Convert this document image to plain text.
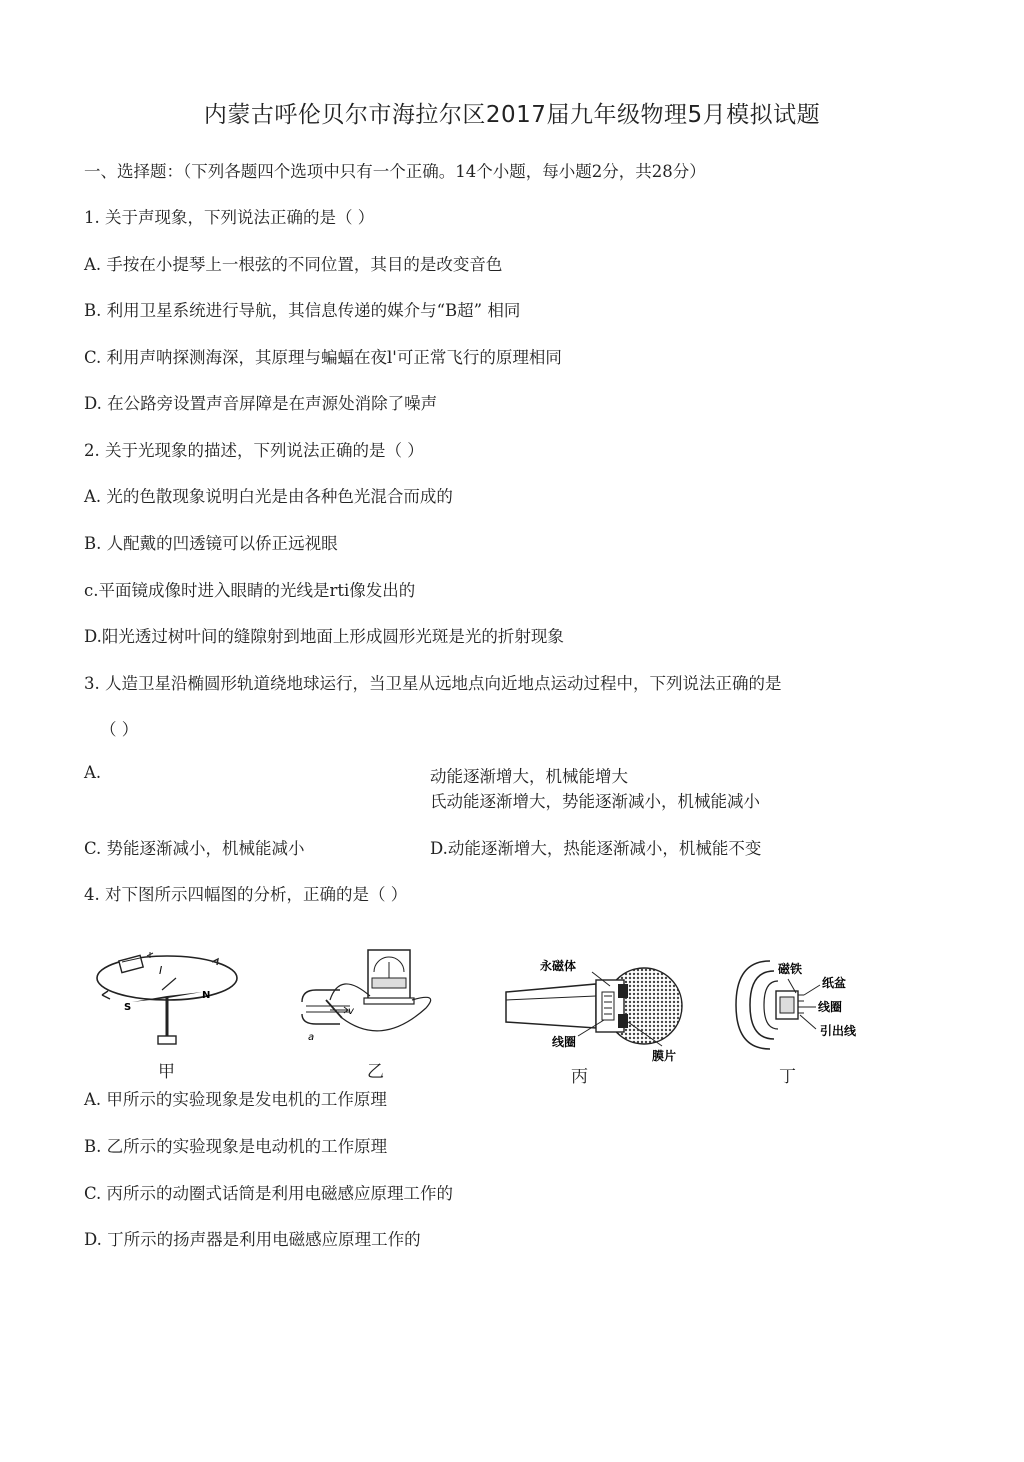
内蒙古呼伦贝尔市海拉尔区2017届九年级物理5月模拟试题
一、选择题：（下列各题四个选项中只有一个正确。14个小题，每小题2分，共28分）
1. 关于声现象，下列说法正确的是（ ）
A. 手按在小提琴上一根弦的不同位置，其目的是改变音色
B. 利用卫星系统进行导航，其信息传递的媒介与“B超” 相同
C. 利用声呐探测海深，其原理与蝙蝠在夜l'可正常飞行的原理相同
D. 在公路旁设置声音屏障是在声源处消除了噪声
2. 关于光现象的描述，下列说法正确的是（ ）
A. 光的色散现象说明白光是由各种色光混合而成的
B. 人配戴的凹透镜可以侨正远视眼
c.平面镜成像时进入眼睛的光线是rti像发出的
D.阳光透过树叶间的缝隙射到地面上形成圆形光斑是光的折射现象
3. 人造卫星沿椭圆形轨道绕地球运行，当卫星从远地点向近地点运动过程中，下列说法正确的是
（ ）
A.	动能逐渐增大，机械能增大
氏动能逐渐增大，势能逐渐减小，机械能减小
C. 势能逐渐减小，机械能减小	D.动能逐渐增大，热能逐渐减小，机械能不变
4. 对下图所示四幅图的分析，正确的是（ ）
S
N
I
甲
v
a
乙
永磁体
线圈
膜片
丙
磁铁
纸盆
线圈
引出线
丁
A. 甲所示的实验现象是发电机的工作原理
B. 乙所示的实验现象是电动机的工作原理
C. 丙所示的动圈式话筒是利用电磁感应原理工作的
D. 丁所示的扬声器是利用电磁感应原理工作的
